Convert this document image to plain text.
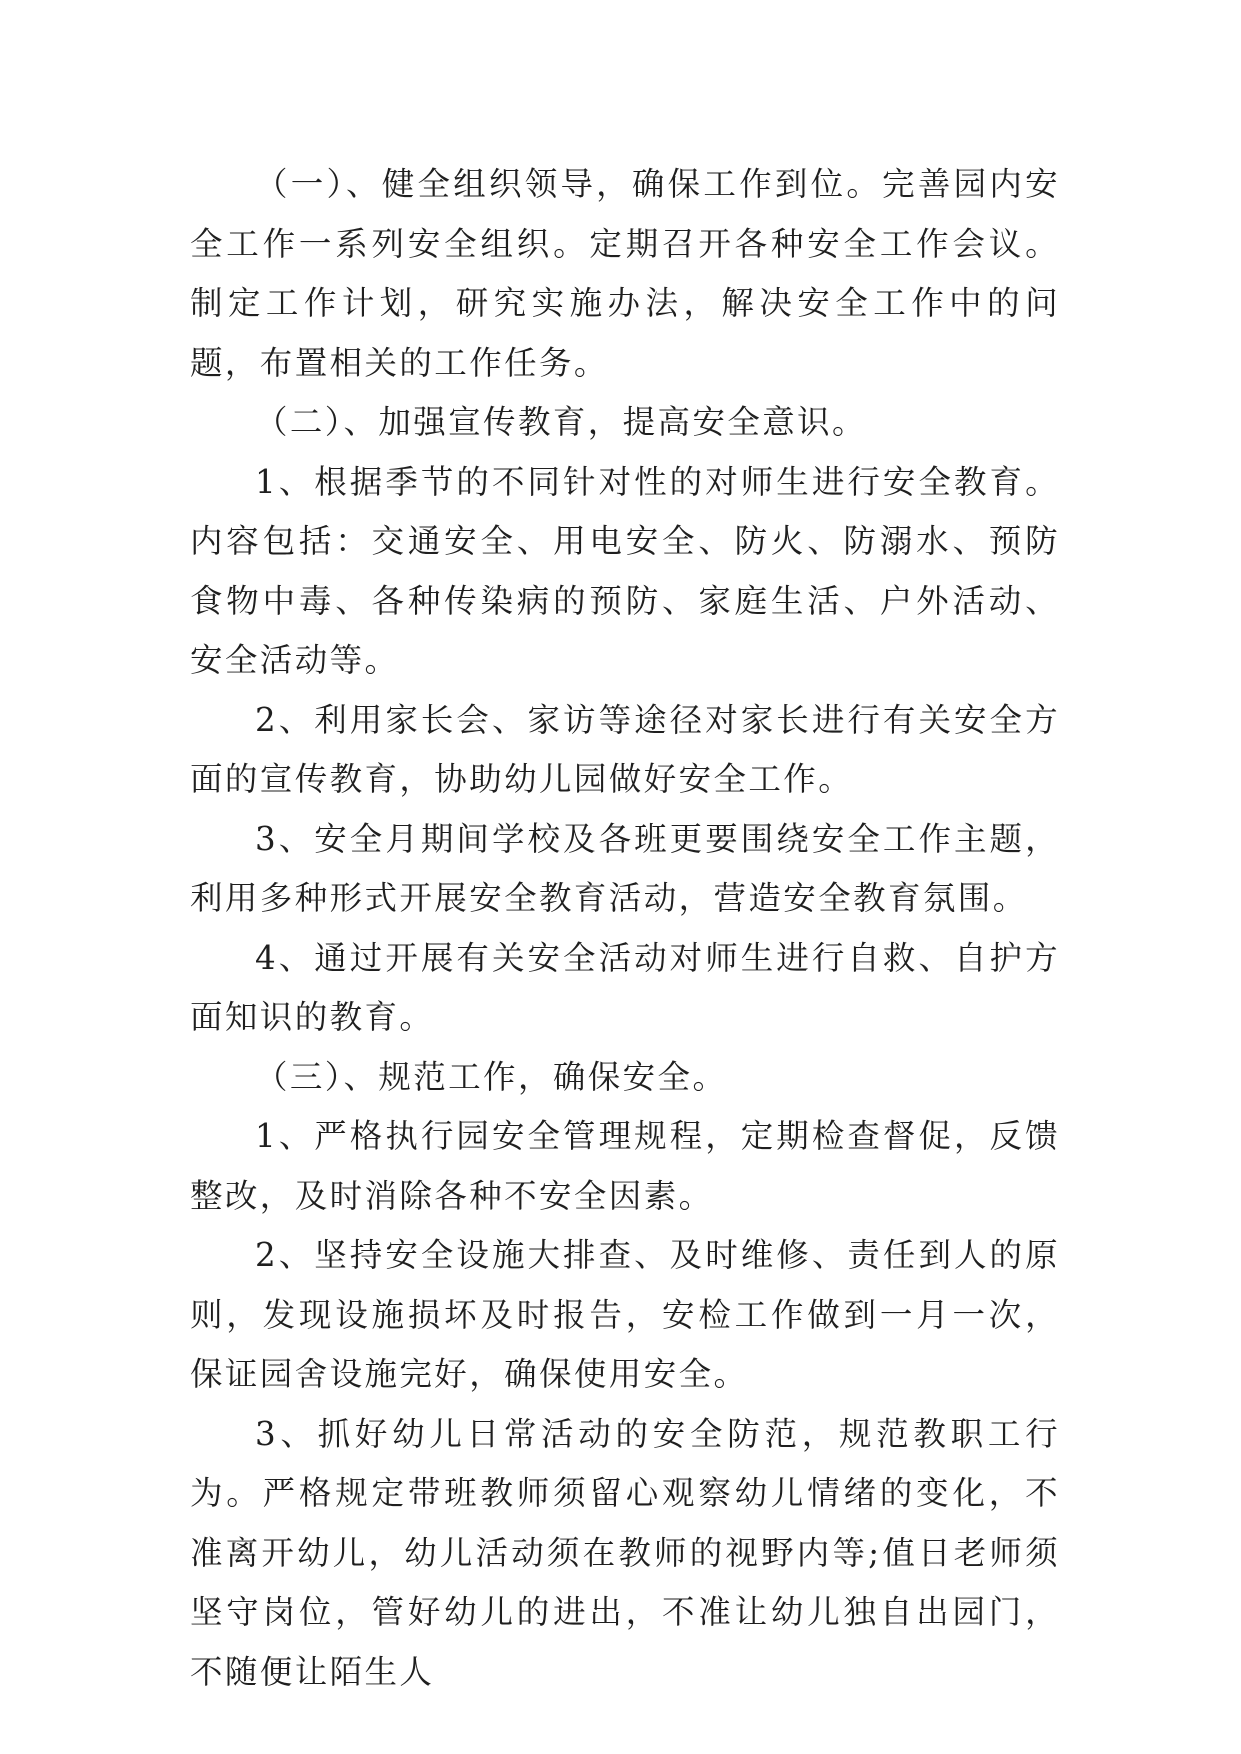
（一）、健全组织领导，确保工作到位。完善园内安全工作一系列安全组织。定期召开各种安全工作会议。制定工作计划，研究实施办法，解决安全工作中的问题，布置相关的工作任务。

（二）、加强宣传教育，提高安全意识。

1、根据季节的不同针对性的对师生进行安全教育。内容包括：交通安全、用电安全、防火、防溺水、预防食物中毒、各种传染病的预防、家庭生活、户外活动、安全活动等。

2、利用家长会、家访等途径对家长进行有关安全方面的宣传教育，协助幼儿园做好安全工作。

3、安全月期间学校及各班更要围绕安全工作主题，利用多种形式开展安全教育活动，营造安全教育氛围。

4、通过开展有关安全活动对师生进行自救、自护方面知识的教育。

（三）、规范工作，确保安全。

1、严格执行园安全管理规程，定期检查督促，反馈整改，及时消除各种不安全因素。

2、坚持安全设施大排查、及时维修、责任到人的原则，发现设施损坏及时报告，安检工作做到一月一次，保证园舍设施完好，确保使用安全。

3、抓好幼儿日常活动的安全防范，规范教职工行为。严格规定带班教师须留心观察幼儿情绪的变化，不准离开幼儿，幼儿活动须在教师的视野内等;值日老师须坚守岗位，管好幼儿的进出，不准让幼儿独自出园门，不随便让陌生人
